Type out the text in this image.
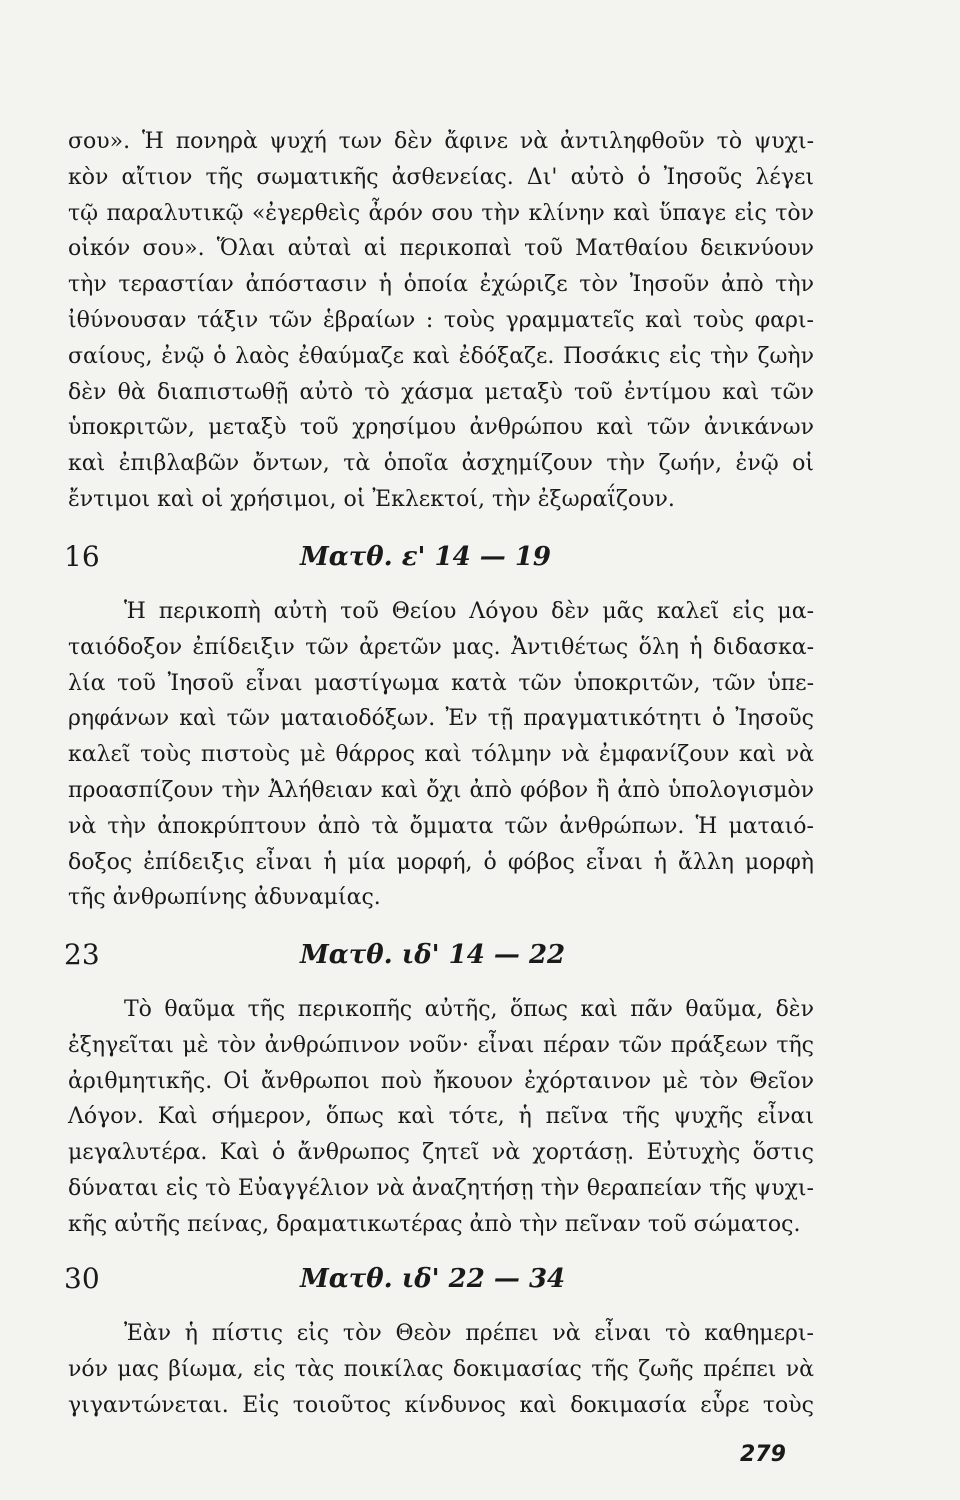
σου». Ἡ πονηρὰ ψυχή των δὲν ἄφινε νὰ ἀντιληφθοῦν τὸ ψυχι-
κὸν αἴτιον τῆς σωματικῆς ἀσθενείας. Δι' αὐτὸ ὁ Ἰησοῦς λέγει
τῷ παραλυτικῷ «ἐγερθεὶς ἆρόν σου τὴν κλίνην καὶ ὕπαγε εἰς τὸν
οἰκόν σου». Ὅλαι αὐταὶ αἱ περικοπαὶ τοῦ Ματθαίου δεικνύουν
τὴν τεραστίαν ἀπόστασιν ἡ ὁποία ἐχώριζε τὸν Ἰησοῦν ἀπὸ τὴν
ἰθύνουσαν τάξιν τῶν ἑβραίων : τοὺς γραμματεῖς καὶ τοὺς φαρι-
σαίους, ἐνῷ ὁ λαὸς ἐθαύμαζε καὶ ἐδόξαζε. Ποσάκις εἰς τὴν ζωὴν
δὲν θὰ διαπιστωθῇ αὐτὸ τὸ χάσμα μεταξὺ τοῦ ἐντίμου καὶ τῶν
ὑποκριτῶν, μεταξὺ τοῦ χρησίμου ἀνθρώπου καὶ τῶν ἀνικάνων
καὶ ἐπιβλαβῶν ὄντων, τὰ ὁποῖα ἀσχημίζουν τὴν ζωήν, ἐνῷ οἱ
ἔντιμοι καὶ οἱ χρήσιμοι, οἱ Ἐκλεκτοί, τὴν ἐξωραΐζουν.

16	Ματθ. ε' 14 — 19

Ἡ περικοπὴ αὐτὴ τοῦ Θείου Λόγου δὲν μᾶς καλεῖ εἰς μα-
ταιόδοξον ἐπίδειξιν τῶν ἀρετῶν μας. Ἀντιθέτως ὅλη ἡ διδασκα-
λία τοῦ Ἰησοῦ εἶναι μαστίγωμα κατὰ τῶν ὑποκριτῶν, τῶν ὑπε-
ρηφάνων καὶ τῶν ματαιοδόξων. Ἐν τῇ πραγματικότητι ὁ Ἰησοῦς
καλεῖ τοὺς πιστοὺς μὲ θάρρος καὶ τόλμην νὰ ἐμφανίζουν καὶ νὰ
προασπίζουν τὴν Ἀλήθειαν καὶ ὄχι ἀπὸ φόβον ἢ ἀπὸ ὑπολογισμὸν
νὰ τὴν ἀποκρύπτουν ἀπὸ τὰ ὄμματα τῶν ἀνθρώπων. Ἡ ματαιό-
δοξος ἐπίδειξις εἶναι ἡ μία μορφή, ὁ φόβος εἶναι ἡ ἄλλη μορφὴ
τῆς ἀνθρωπίνης ἀδυναμίας.

23	Ματθ. ιδ' 14 — 22

Τὸ θαῦμα τῆς περικοπῆς αὐτῆς, ὅπως καὶ πᾶν θαῦμα, δὲν
ἐξηγεῖται μὲ τὸν ἀνθρώπινον νοῦν· εἶναι πέραν τῶν πράξεων τῆς
ἀριθμητικῆς. Οἱ ἄνθρωποι ποὺ ἤκουον ἐχόρταινον μὲ τὸν Θεῖον
Λόγον. Καὶ σήμερον, ὅπως καὶ τότε, ἡ πεῖνα τῆς ψυχῆς εἶναι
μεγαλυτέρα. Καὶ ὁ ἄνθρωπος ζητεῖ νὰ χορτάσῃ. Εὐτυχὴς ὅστις
δύναται εἰς τὸ Εὐαγγέλιον νὰ ἀναζητήσῃ τὴν θεραπείαν τῆς ψυχι-
κῆς αὐτῆς πείνας, δραματικωτέρας ἀπὸ τὴν πεῖναν τοῦ σώματος.

30	Ματθ. ιδ' 22 — 34

Ἐὰν ἡ πίστις εἰς τὸν Θεὸν πρέπει νὰ εἶναι τὸ καθημερι-
νόν μας βίωμα, εἰς τὰς ποικίλας δοκιμασίας τῆς ζωῆς πρέπει νὰ
γιγαντώνεται. Εἰς τοιοῦτος κίνδυνος καὶ δοκιμασία εὗρε τοὺς

279
